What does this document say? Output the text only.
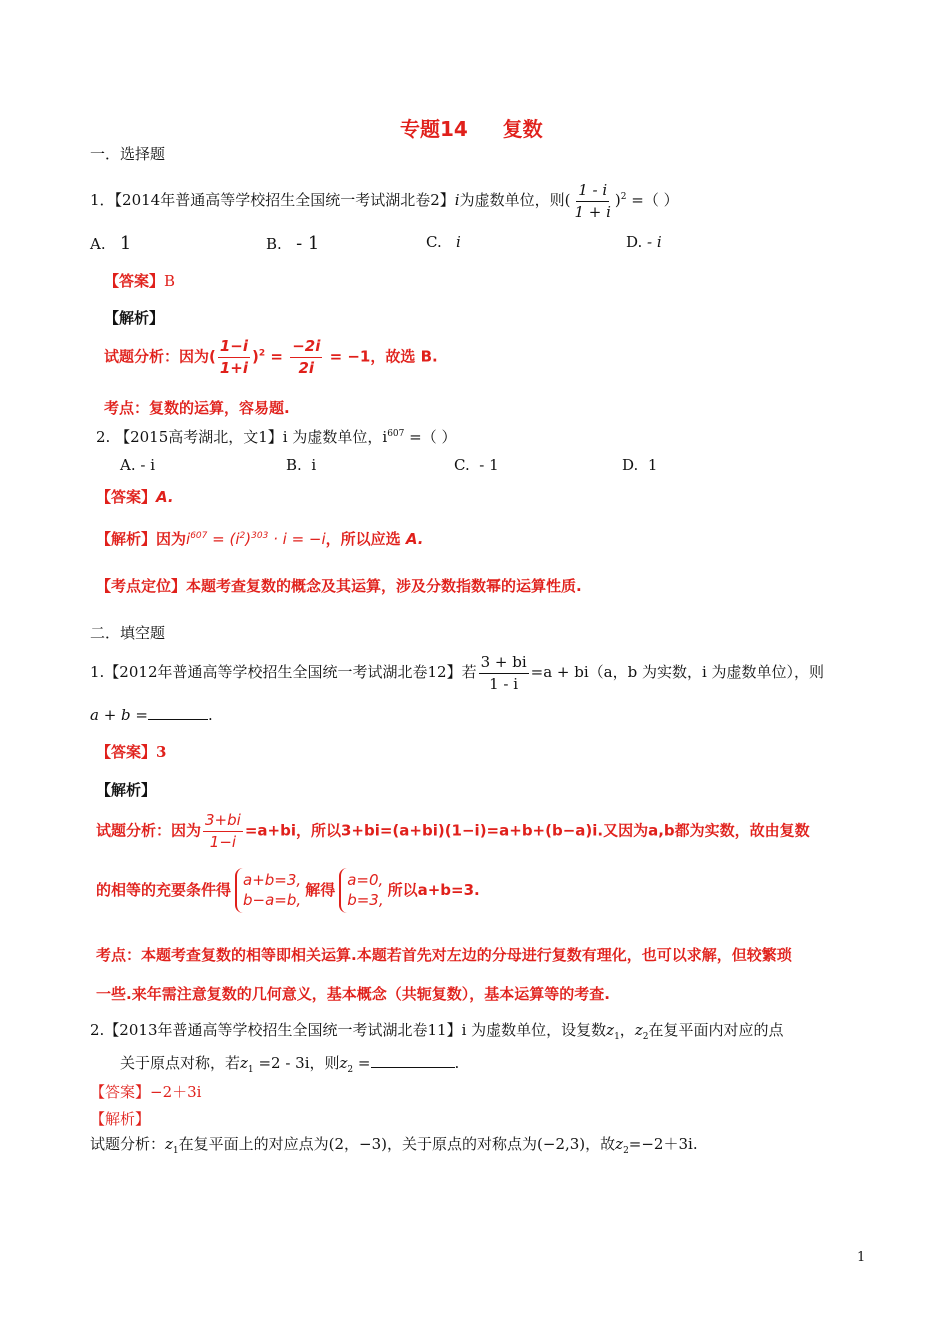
专题14     复数
一．选择题
1．【2014年普通高等学校招生全国统一考试湖北卷2】i为虚数单位，则( $\frac{1 - i}{1 + i} )^2$ =（ ）
A. 1	B. - 1	C. i	D. - i
【答案】B
【解析】
试题分析：因为( $\frac{1-i}{1+i} )^2 = \frac{-2i}{2i} = -1$，故选 B.
考点：复数的运算，容易题.
2. 【2015高考湖北，文1】i 为虚数单位，$i^{607}$ =（ ）
A. - i	B. i	C. - 1	D. 1
【答案】A.
【解析】因为$i^{607} = (i^2)^{303} \cdot i = -i$，所以应选 A.
【考点定位】本题考查复数的概念及其运算，涉及分数指数幂的运算性质.
二．填空题
1.【2012年普通高等学校招生全国统一考试湖北卷12】若 $\frac{3 + bi}{1 - i} =a + bi(a$，b 为实数，i 为虚数单位），则
a + b =	.
【答案】3
【解析】
试题分析：因为 $\frac{3+bi}{1-i} =a+bi$，所以3+bi=(a+bi)(1−i)=a+b+(b−a)i.又因为a,b都为实数，故由复数
的相等的充要条件得
a+b=3,
b−a=b,
解得
a=0,
b=3,
所以a+b=3.
考点：本题考查复数的相等即相关运算.本题若首先对左边的分母进行复数有理化，也可以求解，但较繁琐
一些.来年需注意复数的几何意义，基本概念（共轭复数），基本运算等的考查.
2.【2013年普通高等学校招生全国统一考试湖北卷11】i 为虚数单位，设复数$z_1$，$z_2$在复平面内对应的点
关于原点对称，若$z_1 =2 - 3i$，则$z_2$ =	.
【答案】−2＋3i
【解析】
试题分析：$z_1$在复平面上的对应点为(2，−3)，关于原点的对称点为(−2,3)，故$z_2=-2+3i$.
1
